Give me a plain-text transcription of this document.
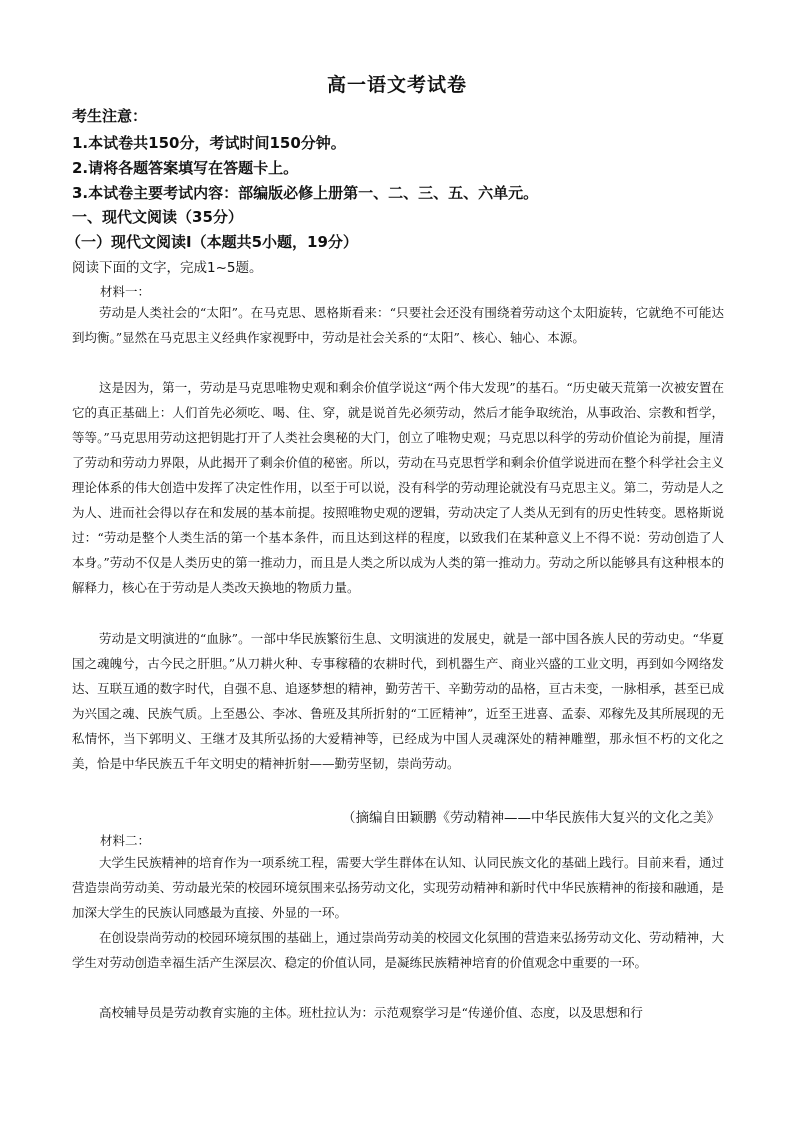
高一语文考试卷
考生注意：
1.本试卷共150分，考试时间150分钟。
2.请将各题答案填写在答题卡上。
3.本试卷主要考试内容：部编版必修上册第一、二、三、五、六单元。
一、现代文阅读（35分）
（一）现代文阅读Ⅰ（本题共5小题，19分）
阅读下面的文字，完成1~5题。
材料一：

劳动是人类社会的“太阳”。在马克思、恩格斯看来：“只要社会还没有围绕着劳动这个太阳旋转，它就绝不可能达到均衡。”显然在马克思主义经典作家视野中，劳动是社会关系的“太阳”、核心、轴心、本源。

这是因为，第一，劳动是马克思唯物史观和剩余价值学说这“两个伟大发现”的基石。“历史破天荒第一次被安置在它的真正基础上：人们首先必须吃、喝、住、穿，就是说首先必须劳动，然后才能争取统治，从事政治、宗教和哲学，等等。”马克思用劳动这把钥匙打开了人类社会奥秘的大门，创立了唯物史观；马克思以科学的劳动价值论为前提，厘清了劳动和劳动力界限，从此揭开了剩余价值的秘密。所以，劳动在马克思哲学和剩余价值学说进而在整个科学社会主义理论体系的伟大创造中发挥了决定性作用，以至于可以说，没有科学的劳动理论就没有马克思主义。第二，劳动是人之为人、进而社会得以存在和发展的基本前提。按照唯物史观的逻辑，劳动决定了人类从无到有的历史性转变。恩格斯说过：“劳动是整个人类生活的第一个基本条件，而且达到这样的程度，以致我们在某种意义上不得不说：劳动创造了人本身。”劳动不仅是人类历史的第一推动力，而且是人类之所以成为人类的第一推动力。劳动之所以能够具有这种根本的解释力，核心在于劳动是人类改天换地的物质力量。

劳动是文明演进的“血脉”。一部中华民族繁衍生息、文明演进的发展史，就是一部中国各族人民的劳动史。“华夏国之魂魄兮，古今民之肝胆。”从刀耕火种、专事稼穑的农耕时代，到机器生产、商业兴盛的工业文明，再到如今网络发达、互联互通的数字时代，自强不息、追逐梦想的精神，勤劳苦干、辛勤劳动的品格，亘古未变，一脉相承，甚至已成为兴国之魂、民族气质。上至愚公、李冰、鲁班及其所折射的“工匠精神”，近至王进喜、孟泰、邓稼先及其所展现的无私情怀，当下郭明义、王继才及其所弘扬的大爱精神等，已经成为中国人灵魂深处的精神雕塑，那永恒不朽的文化之美，恰是中华民族五千年文明史的精神折射——勤劳坚韧，崇尚劳动。

（摘编自田颖鹏《劳动精神——中华民族伟大复兴的文化之美》
材料二：

大学生民族精神的培育作为一项系统工程，需要大学生群体在认知、认同民族文化的基础上践行。目前来看，通过营造崇尚劳动美、劳动最光荣的校园环境氛围来弘扬劳动文化，实现劳动精神和新时代中华民族精神的衔接和融通，是加深大学生的民族认同感最为直接、外显的一环。

在创设崇尚劳动的校园环境氛围的基础上，通过崇尚劳动美的校园文化氛围的营造来弘扬劳动文化、劳动精神，大学生对劳动创造幸福生活产生深层次、稳定的价值认同，是凝练民族精神培育的价值观念中重要的一环。

高校辅导员是劳动教育实施的主体。班杜拉认为：示范观察学习是“传递价值、态度，以及思想和行
